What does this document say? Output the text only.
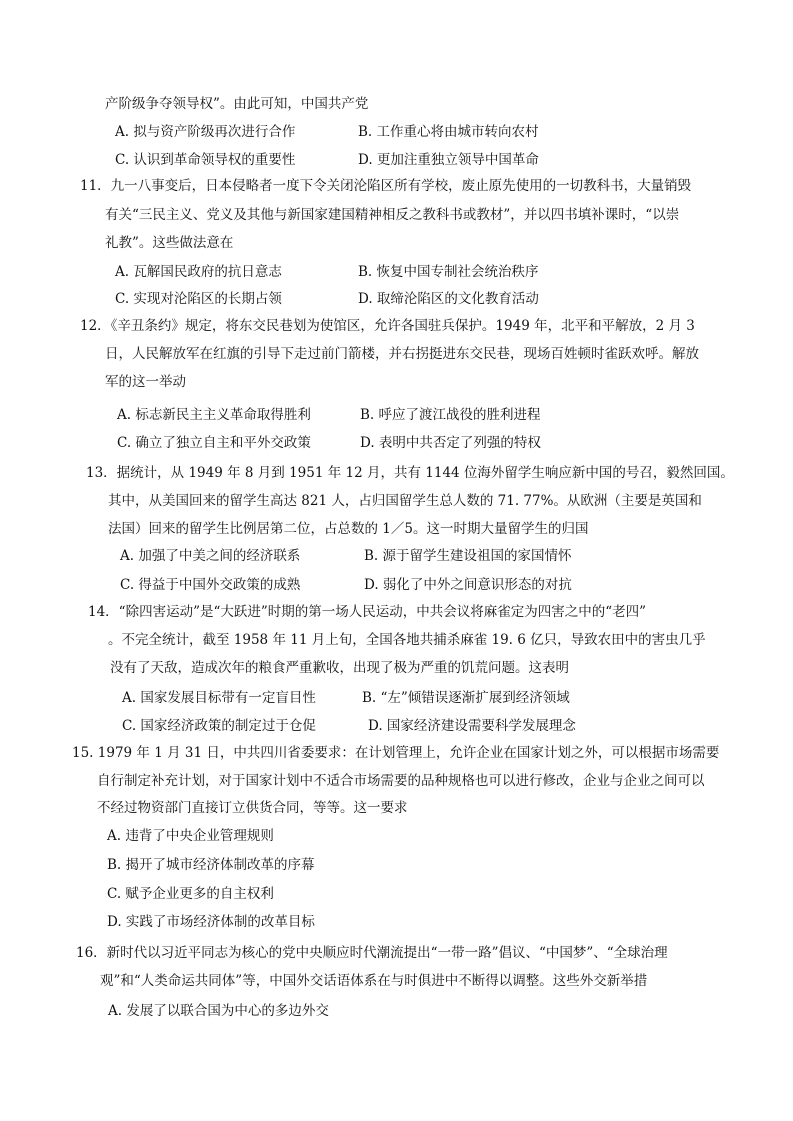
产阶级争夺领导权”。由此可知，中国共产党
A. 拟与资产阶级再次进行合作	B. 工作重心将由城市转向农村
C. 认识到革命领导权的重要性	D. 更加注重独立领导中国革命
11．九一八事变后，日本侵略者一度下令关闭沦陷区所有学校，废止原先使用的一切教科书，大量销毁
有关“三民主义、党义及其他与新国家建国精神相反之教科书或教材”，并以四书填补课时，“以崇
礼教”。这些做法意在
A. 瓦解国民政府的抗日意志	B. 恢复中国专制社会统治秩序
C. 实现对沦陷区的长期占领	D. 取缔沦陷区的文化教育活动
12．《辛丑条约》规定，将东交民巷划为使馆区，允许各国驻兵保护。1949 年，北平和平解放，2 月 3
日，人民解放军在红旗的引导下走过前门箭楼，并右拐挺进东交民巷，现场百姓顿时雀跃欢呼。解放
军的这一举动
A. 标志新民主主义革命取得胜利	B. 呼应了渡江战役的胜利进程
C. 确立了独立自主和平外交政策	D. 表明中共否定了列强的特权
13．据统计，从 1949 年 8 月到 1951 年 12 月，共有 1144 位海外留学生响应新中国的号召，毅然回国。
其中，从美国回来的留学生高达 821 人，占归国留学生总人数的 71. 77%。从欧洲（主要是英国和
法国）回来的留学生比例居第二位，占总数的 1／5。这一时期大量留学生的归国
A. 加强了中美之间的经济联系	B. 源于留学生建设祖国的家国情怀
C. 得益于中国外交政策的成熟	D. 弱化了中外之间意识形态的对抗
14．“除四害运动”是“大跃进”时期的第一场人民运动，中共会议将麻雀定为四害之中的“老四”
。不完全统计，截至 1958 年 11 月上旬，全国各地共捕杀麻雀 19. 6 亿只，导致农田中的害虫几乎
没有了天敌，造成次年的粮食严重歉收，出现了极为严重的饥荒问题。这表明
A. 国家发展目标带有一定盲目性	B. “左”倾错误逐渐扩展到经济领域
C. 国家经济政策的制定过于仓促	D. 国家经济建设需要科学发展理念
15. 1979 年 1 月 31 日，中共四川省委要求：在计划管理上，允许企业在国家计划之外，可以根据市场需要
自行制定补充计划，对于国家计划中不适合市场需要的品种规格也可以进行修改，企业与企业之间可以
不经过物资部门直接订立供货合同，等等。这一要求
A. 违背了中央企业管理规则
B. 揭开了城市经济体制改革的序幕
C. 赋予企业更多的自主权利
D. 实践了市场经济体制的改革目标
16．新时代以习近平同志为核心的党中央顺应时代潮流提出“一带一路”倡议、“中国梦”、“全球治理
观”和“人类命运共同体”等，中国外交话语体系在与时俱进中不断得以调整。这些外交新举措
A. 发展了以联合国为中心的多边外交
